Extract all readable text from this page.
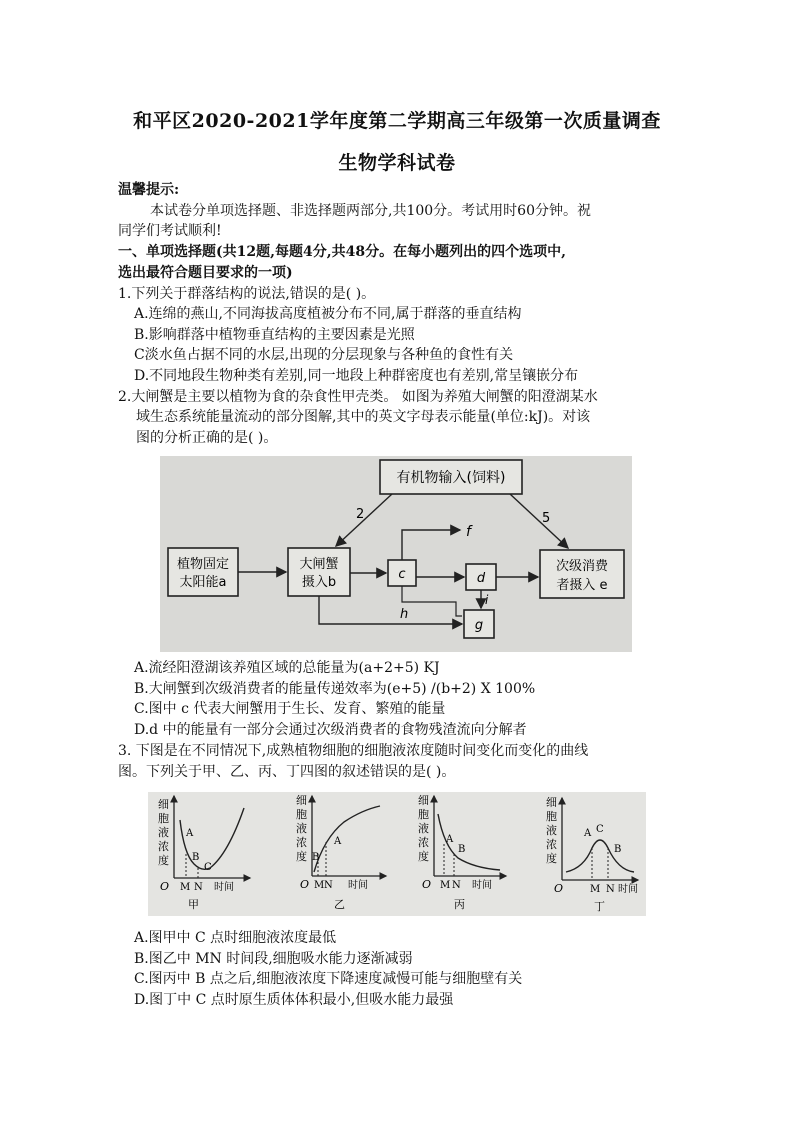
和平区2020-2021学年度第二学期高三年级第一次质量调查
生物学科试卷
温馨提示:
本试卷分单项选择题、非选择题两部分,共100分。考试用时60分钟。祝
同学们考试顺利!
一、单项选择题(共12题,每题4分,共48分。在每小题列出的四个选项中,
选出最符合题目要求的一项)
1.下列关于群落结构的说法,错误的是( )。
A.连绵的燕山,不同海拔高度植被分布不同,属于群落的垂直结构
B.影响群落中植物垂直结构的主要因素是光照
C淡水鱼占据不同的水层,出现的分层现象与各种鱼的食性有关
D.不同地段生物种类有差别,同一地段上种群密度也有差别,常呈镶嵌分布
2.大闸蟹是主要以植物为食的杂食性甲壳类。 如图为养殖大闸蟹的阳澄湖某水
域生态系统能量流动的部分图解,其中的英文字母表示能量(单位:kJ)。对该
图的分析正确的是( )。
有机物输入(饲料)
植物固定
太阳能a
大闸蟹
摄入b
c	d
g
次级消费
者摄入 e
2	5
f
h
i
A.流经阳澄湖该养殖区域的总能量为(a+2+5) KJ
B.大闸蟹到次级消费者的能量传递效率为(e+5) /(b+2) X 100%
C.图中 c 代表大闸蟹用于生长、发育、繁殖的能量
D.d 中的能量有一部分会通过次级消费者的食物残渣流向分解者
3. 下图是在不同情况下,成熟植物细胞的细胞液浓度随时间变化而变化的曲线
图。下列关于甲、乙、丙、丁四图的叙述错误的是( )。
细
胞
液
浓
度
O M N 时间
A
B
C
甲
细
胞
液
浓
度
O M N 时间
A
B
乙
细
胞
液
浓
度
O M N 时间
A
B
丙
细
胞
液
浓
度
M N 时间
O
A C
B
丁
A.图甲中 C 点时细胞液浓度最低
B.图乙中 MN 时间段,细胞吸水能力逐渐减弱
C.图丙中 B 点之后,细胞液浓度下降速度减慢可能与细胞壁有关
D.图丁中 C 点时原生质体体积最小,但吸水能力最强
